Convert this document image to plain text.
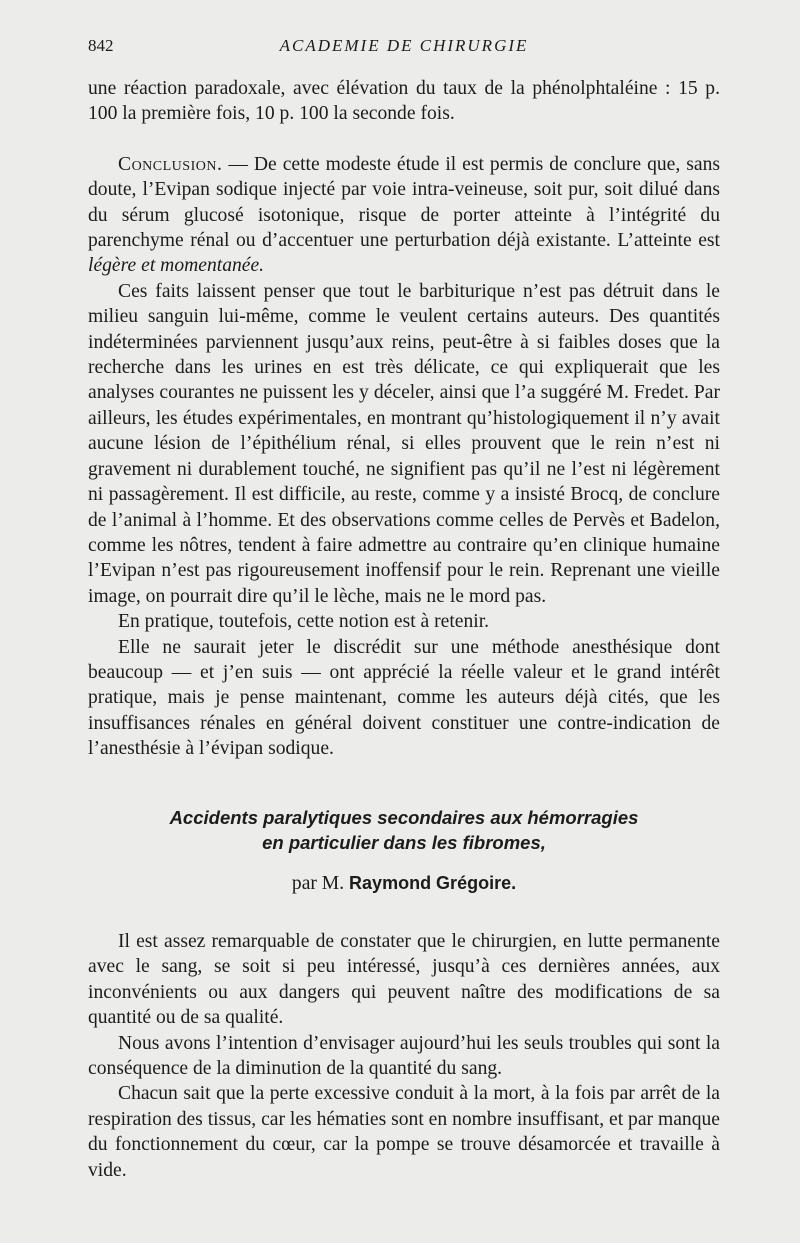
842	ACADEMIE DE CHIRURGIE

une réaction paradoxale, avec élévation du taux de la phénolphtaléine : 15 p. 100 la première fois, 10 p. 100 la seconde fois.

Conclusion. — De cette modeste étude il est permis de conclure que, sans doute, l’Evipan sodique injecté par voie intra-veineuse, soit pur, soit dilué dans du sérum glucosé isotonique, risque de porter atteinte à l’intégrité du parenchyme rénal ou d’accentuer une perturbation déjà existante. L’atteinte est légère et momentanée.

Ces faits laissent penser que tout le barbiturique n’est pas détruit dans le milieu sanguin lui-même, comme le veulent certains auteurs. Des quantités indéterminées parviennent jusqu’aux reins, peut-être à si faibles doses que la recherche dans les urines en est très délicate, ce qui expliquerait que les analyses courantes ne puissent les y déceler, ainsi que l’a suggéré M. Fredet. Par ailleurs, les études expérimentales, en montrant qu’histologiquement il n’y avait aucune lésion de l’épithélium rénal, si elles prouvent que le rein n’est ni gravement ni durablement touché, ne signifient pas qu’il ne l’est ni légèrement ni passagèrement. Il est difficile, au reste, comme y a insisté Brocq, de conclure de l’animal à l’homme. Et des observations comme celles de Pervès et Badelon, comme les nôtres, tendent à faire admettre au contraire qu’en clinique humaine l’Evipan n’est pas rigoureusement inoffensif pour le rein. Reprenant une vieille image, on pourrait dire qu’il le lèche, mais ne le mord pas.

En pratique, toutefois, cette notion est à retenir.

Elle ne saurait jeter le discrédit sur une méthode anesthésique dont beaucoup — et j’en suis — ont apprécié la réelle valeur et le grand intérêt pratique, mais je pense maintenant, comme les auteurs déjà cités, que les insuffisances rénales en général doivent constituer une contre-indication de l’anesthésie à l’évipan sodique.

Accidents paralytiques secondaires aux hémorragies
en particulier dans les fibromes,
par M. Raymond Grégoire.

Il est assez remarquable de constater que le chirurgien, en lutte permanente avec le sang, se soit si peu intéressé, jusqu’à ces dernières années, aux inconvénients ou aux dangers qui peuvent naître des modifications de sa quantité ou de sa qualité.

Nous avons l’intention d’envisager aujourd’hui les seuls troubles qui sont la conséquence de la diminution de la quantité du sang.

Chacun sait que la perte excessive conduit à la mort, à la fois par arrêt de la respiration des tissus, car les hématies sont en nombre insuffisant, et par manque du fonctionnement du cœur, car la pompe se trouve désamorcée et travaille à vide.
